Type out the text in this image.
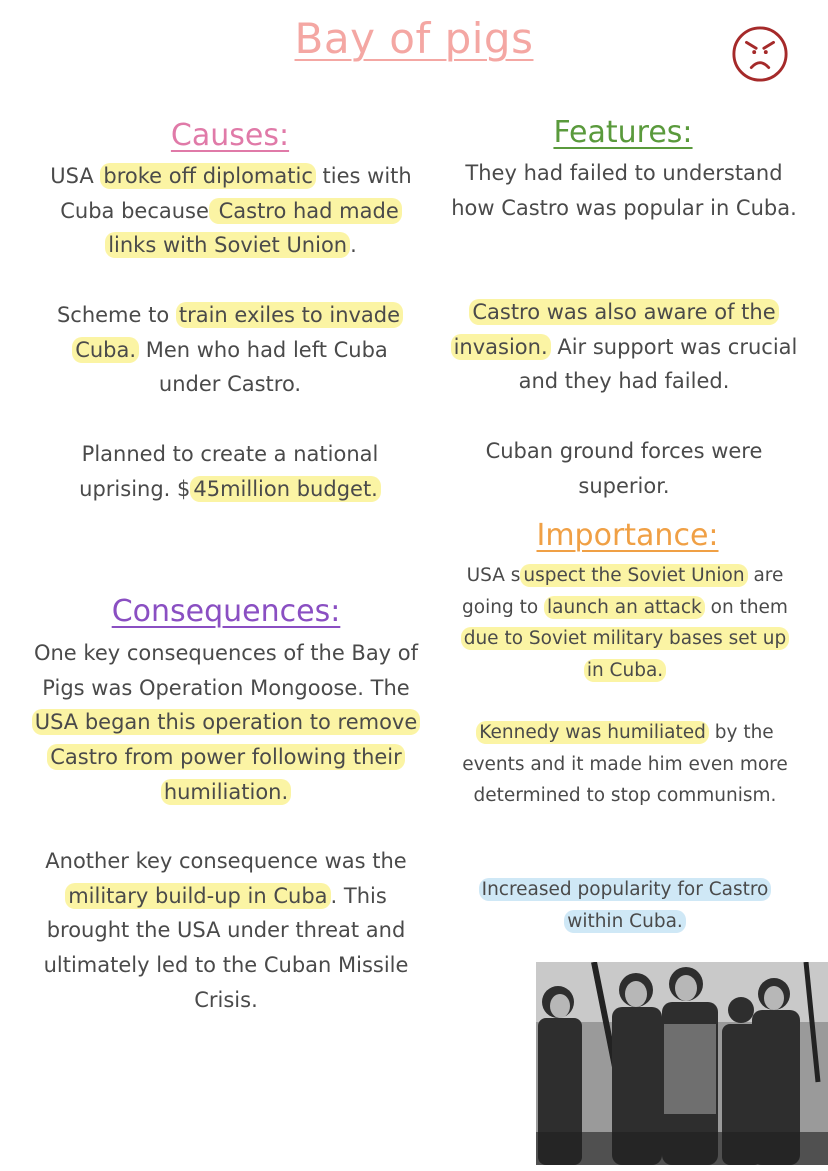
Bay of pigs
Causes:

USA broke off diplomatic ties with Cuba because Castro had made links with Soviet Union .

Scheme to train exiles to invade Cuba. Men who had left Cuba under Castro.

Planned to create a national uprising. $ 45million budget.

Features:

They had failed to understand how Castro was popular in Cuba.

Castro was also aware of the invasion. Air support was crucial and they had failed.

Cuban ground forces were superior.

Importance:

USA s uspect the Soviet Union are going to launch an attack on them due to Soviet military bases set up in Cuba.

Kennedy was humiliated by the events and it made him even more determined to stop communism.

Increased popularity for Castro within Cuba.

Consequences:

One key consequences of the Bay of Pigs was Operation Mongoose. The USA began this operation to remove Castro from power following their humiliation.

Another key consequence was the military build-up in Cuba . This brought the USA under threat and ultimately led to the Cuban Missile Crisis.
